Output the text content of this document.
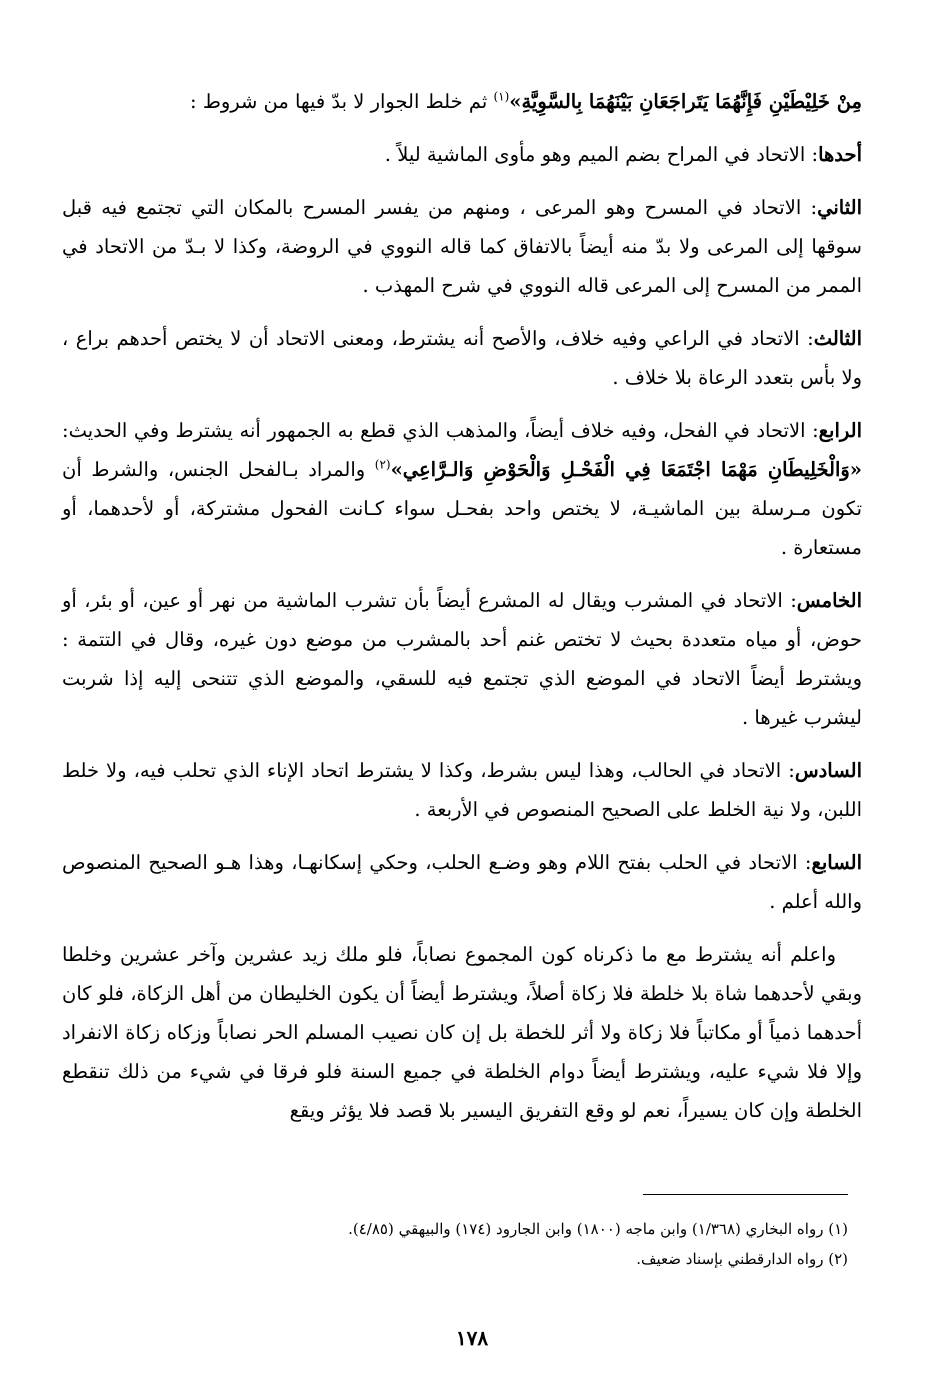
مِنْ خَلِيْطَيْنِ فَإِنَّهُمَا يَتَراجَعَانِ بَيْنَهُمَا بِالسَّوِيَّةِ»$^{(١)}$ ثم خلط الجوار لا بدّ فيها من شروط :

أحدها: الاتحاد في المراح بضم الميم وهو مأوى الماشية ليلاً .

الثاني: الاتحاد في المسرح وهو المرعى ، ومنهم من يفسر المسرح بالمكان التي تجتمع فيه قبل سوقها إلى المرعى ولا بدّ منه أيضاً بالاتفاق كما قاله النووي في الروضة، وكذا لا بـدّ من الاتحاد في الممر من المسرح إلى المرعى قاله النووي في شرح المهذب .

الثالث: الاتحاد في الراعي وفيه خلاف، والأصح أنه يشترط، ومعنى الاتحاد أن لا يختص أحدهم براع ، ولا بأس بتعدد الرعاة بلا خلاف .

الرابع: الاتحاد في الفحل، وفيه خلاف أيضاً، والمذهب الذي قطع به الجمهور أنه يشترط وفي الحديث: «وَالْخَلِيطَانِ مَهْمَا اجْتَمَعَا فِي الْفَحْـلِ وَالْحَوْضِ وَالـرَّاعِي»$^{(٢)}$ والمراد بـالفحل الجنس، والشرط أن تكون مـرسلة بين الماشيـة، لا يختص واحد بفحـل سواء كـانت الفحول مشتركة، أو لأحدهما، أو مستعارة .

الخامس: الاتحاد في المشرب ويقال له المشرع أيضاً بأن تشرب الماشية من نهر أو عين، أو بئر، أو حوض، أو مياه متعددة بحيث لا تختص غنم أحد بالمشرب من موضع دون غيره، وقال في التتمة : ويشترط أيضاً الاتحاد في الموضع الذي تجتمع فيه للسقي، والموضع الذي تتنحى إليه إذا شربت ليشرب غيرها .

السادس: الاتحاد في الحالب، وهذا ليس بشرط، وكذا لا يشترط اتحاد الإناء الذي تحلب فيه، ولا خلط اللبن، ولا نية الخلط على الصحيح المنصوص في الأربعة .

السابع: الاتحاد في الحلب بفتح اللام وهو وضـع الحلب، وحكي إسكانهـا، وهذا هـو الصحيح المنصوص والله أعلم .

واعلم أنه يشترط مع ما ذكرناه كون المجموع نصاباً، فلو ملك زيد عشرين وآخر عشرين وخلطا وبقي لأحدهما شاة بلا خلطة فلا زكاة أصلاً، ويشترط أيضاً أن يكون الخليطان من أهل الزكاة، فلو كان أحدهما ذمياً أو مكاتباً فلا زكاة ولا أثر للخطة بل إن كان نصيب المسلم الحر نصاباً وزكاه زكاة الانفراد وإلا فلا شيء عليه، ويشترط أيضاً دوام الخلطة في جميع السنة فلو فرقا في شيء من ذلك تنقطع الخلطة وإن كان يسيراً، نعم لو وقع التفريق اليسير بلا قصد فلا يؤثر ويقع

(١) رواه البخاري (١/٣٦٨) وابن ماجه (١٨٠٠) وابن الجارود (١٧٤) والبيهقي (٤/٨٥).
(٢) رواه الدارقطني بإسناد ضعيف.
١٧٨
